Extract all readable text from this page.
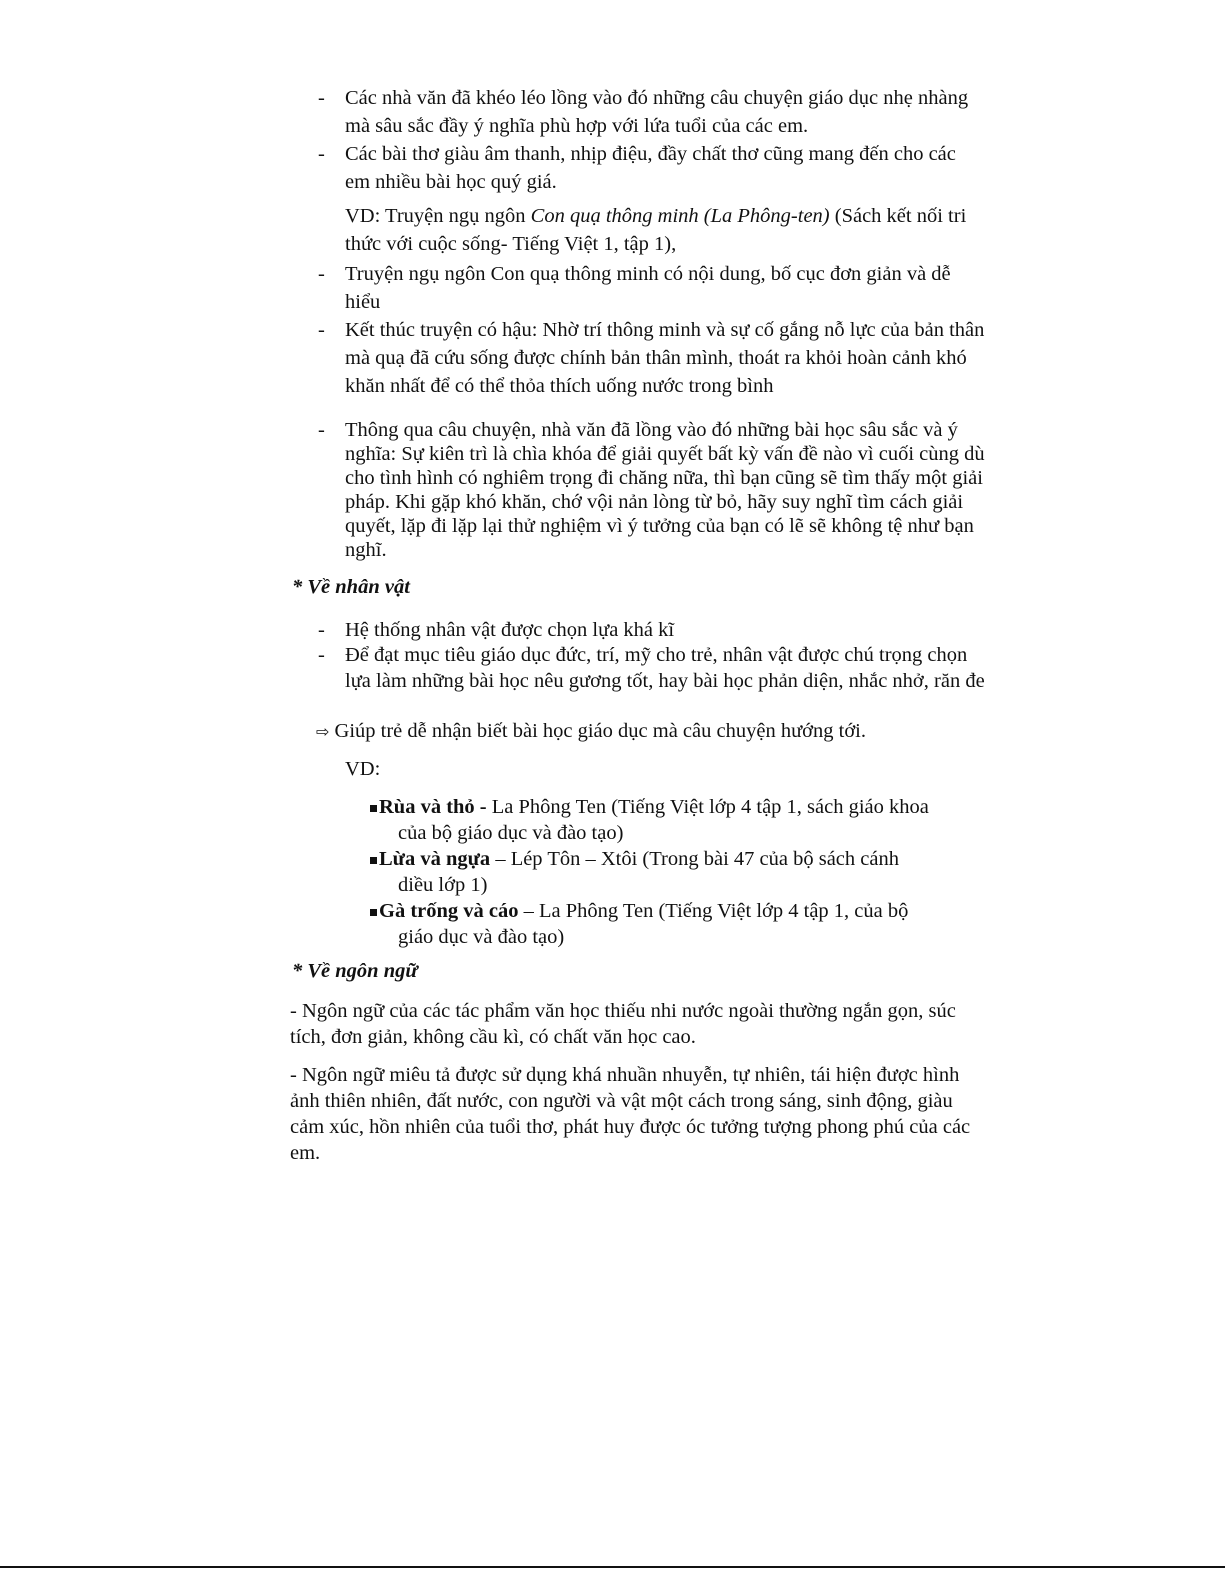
- Các nhà văn đã khéo léo lồng vào đó những câu chuyện giáo dục nhẹ nhàng mà sâu sắc đầy ý nghĩa phù hợp với lứa tuổi của các em.
- Các bài thơ giàu âm thanh, nhịp điệu, đầy chất thơ cũng mang đến cho các em nhiều bài học quý giá.
VD: Truyện ngụ ngôn Con quạ thông minh (La Phông-ten) (Sách kết nối tri thức với cuộc sống- Tiếng Việt 1, tập 1),
- Truyện ngụ ngôn Con quạ thông minh có nội dung, bố cục đơn giản và dễ hiểu
- Kết thúc truyện có hậu: Nhờ trí thông minh và sự cố gắng nỗ lực của bản thân mà quạ đã cứu sống được chính bản thân mình, thoát ra khỏi hoàn cảnh khó khăn nhất để có thể thỏa thích uống nước trong bình
- Thông qua câu chuyện, nhà văn đã lồng vào đó những bài học sâu sắc và ý nghĩa: Sự kiên trì là chìa khóa để giải quyết bất kỳ vấn đề nào vì cuối cùng dù cho tình hình có nghiêm trọng đi chăng nữa, thì bạn cũng sẽ tìm thấy một giải pháp. Khi gặp khó khăn, chớ vội nản lòng từ bỏ, hãy suy nghĩ tìm cách giải quyết, lặp đi lặp lại thử nghiệm vì ý tưởng của bạn có lẽ sẽ không tệ như bạn nghĩ.
* Về nhân vật
- Hệ thống nhân vật được chọn lựa khá kĩ
- Để đạt mục tiêu giáo dục đức, trí, mỹ cho trẻ, nhân vật được chú trọng chọn lựa làm những bài học nêu gương tốt, hay bài học phản diện, nhắc nhở, răn đe
⇨ Giúp trẻ dễ nhận biết bài học giáo dục mà câu chuyện hướng tới.
VD:
Rùa và thỏ - La Phông Ten (Tiếng Việt lớp 4 tập 1, sách giáo khoa
của bộ giáo dục và đào tạo)
Lừa và ngựa – Lép Tôn – Xtôi (Trong bài 47 của bộ sách cánh
diều lớp 1)
Gà trống và cáo – La Phông Ten (Tiếng Việt lớp 4 tập 1, của bộ
giáo dục và đào tạo)
* Về ngôn ngữ
- Ngôn ngữ của các tác phẩm văn học thiếu nhi nước ngoài thường ngắn gọn, súc tích, đơn giản, không cầu kì, có chất văn học cao.
- Ngôn ngữ miêu tả được sử dụng khá nhuần nhuyễn, tự nhiên, tái hiện được hình ảnh thiên nhiên, đất nước, con người và vật một cách trong sáng, sinh động, giàu cảm xúc, hồn nhiên của tuổi thơ, phát huy được óc tưởng tượng phong phú của các em.
